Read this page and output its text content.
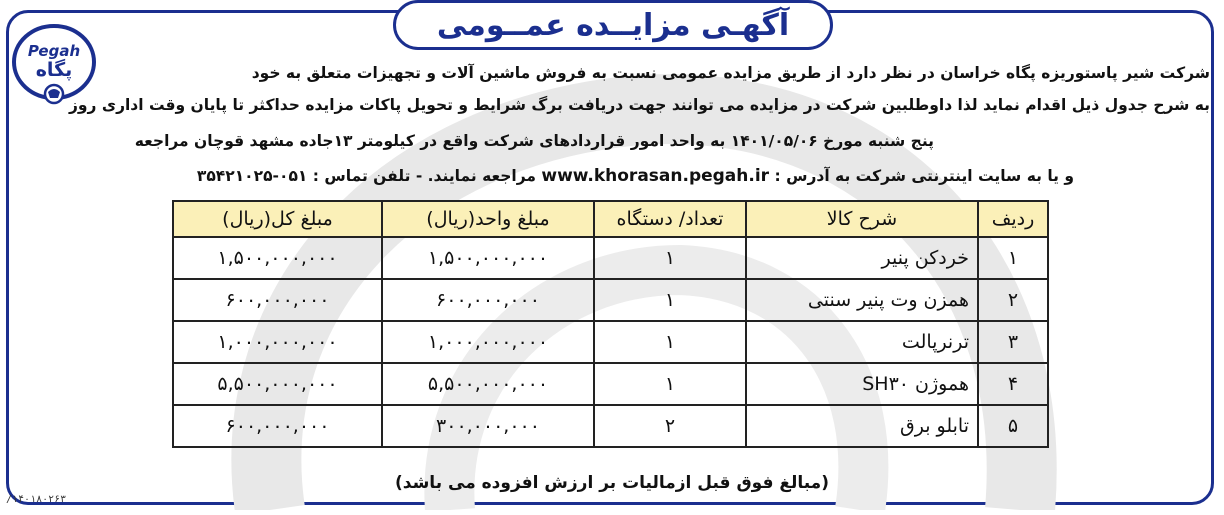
آگهـی مزایــده عمــومی
Pegah
پگاه	شرکت شیر پاستوریزه پگاه خراسان در نظر دارد از طریق مزایده عمومی نسبت به فروش ماشین آلات و تجهیزات متعلق به خود
به شرح جدول ذیل اقدام نماید لذا داوطلبین شرکت در مزایده می توانند جهت دریافت برگ شرایط و تحویل پاکات مزایده حداکثر تا پایان وقت اداری روز
پنج شنبه مورخ ۱۴۰۱/۰۵/۰۶ به واحد امور قراردادهای شرکت واقع در کیلومتر ۱۳جاده مشهد قوچان مراجعه
و یا به سایت اینترنتی شرکت به آدرس : www.khorasan.pegah.ir مراجعه نمایند. - تلفن تماس : ۰۵۱-۳۵۴۲۱۰۲۵
ردیف	شرح کالا	تعداد/ دستگاه	مبلغ واحد(ریال)	مبلغ کل(ریال)
۱	خردکن پنیر	۱	۱,۵۰۰,۰۰۰,۰۰۰	۱,۵۰۰,۰۰۰,۰۰۰
۲	همزن وت پنیر سنتی	۱	۶۰۰,۰۰۰,۰۰۰	۶۰۰,۰۰۰,۰۰۰
۳	ترنرپالت	۱	۱,۰۰۰,۰۰۰,۰۰۰	۱,۰۰۰,۰۰۰,۰۰۰
۴	هموژن SH۳۰	۱	۵,۵۰۰,۰۰۰,۰۰۰	۵,۵۰۰,۰۰۰,۰۰۰
۵	تابلو برق	۲	۳۰۰,۰۰۰,۰۰۰	۶۰۰,۰۰۰,۰۰۰
(مبالغ فوق قبل ازمالیات بر ارزش افزوده می باشد)
/۱۴۰۱۸۰۲۶۳
